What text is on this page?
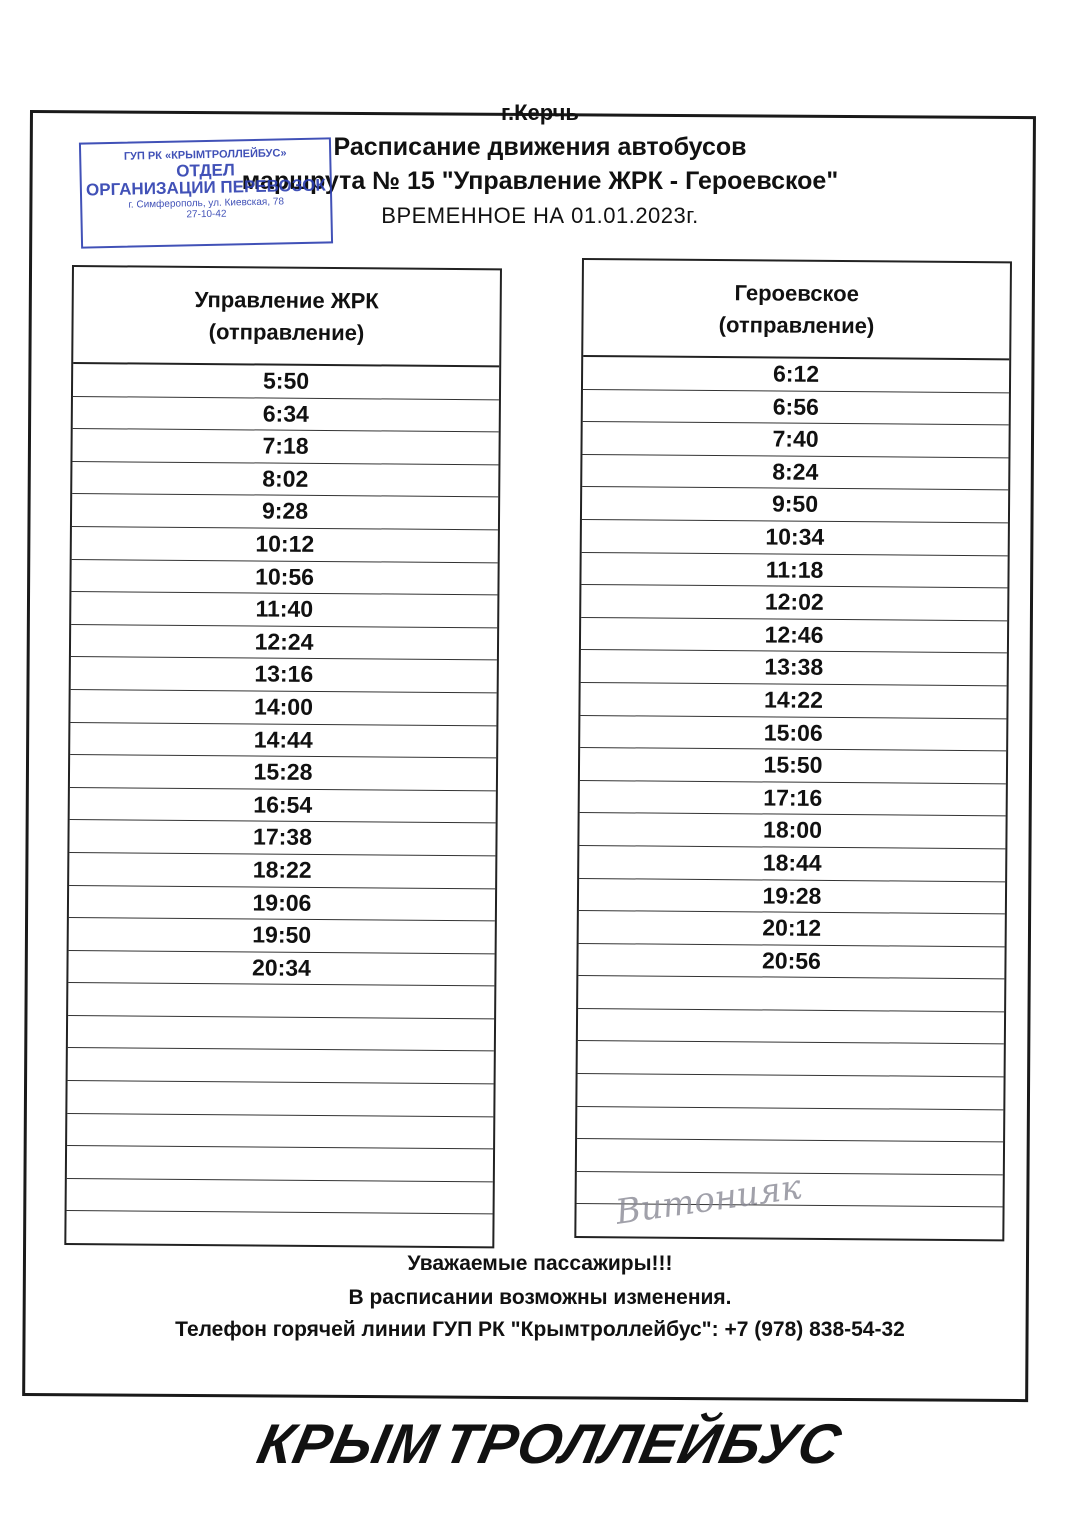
г.Керчь
Расписание движения автобусов
маршрута № 15 "Управление ЖРК - Героевское"
ВРЕМЕННОЕ НА 01.01.2023г.
ГУП РК «КРЫМТРОЛЛЕЙБУС»
ОТДЕЛ
ОРГАНИЗАЦИИ ПЕРЕВОЗОК
г. Симферополь, ул. Киевская, 78
27-10-42
Управление ЖРК
(отправление)
5:50
6:34
7:18
8:02
9:28
10:12
10:56
11:40
12:24
13:16
14:00
14:44
15:28
16:54
17:38
18:22
19:06
19:50
20:34
Героевское
(отправление)
6:12
6:56
7:40
8:24
9:50
10:34
11:18
12:02
12:46
13:38
14:22
15:06
15:50
17:16
18:00
18:44
19:28
20:12
20:56
Витонияк
Уважаемые пассажиры!!!
В расписании возможны изменения.
Телефон горячей линии ГУП РК "Крымтроллейбус": +7 (978) 838-54-32
КРЫМ
ТРОЛЛЕЙБУС
